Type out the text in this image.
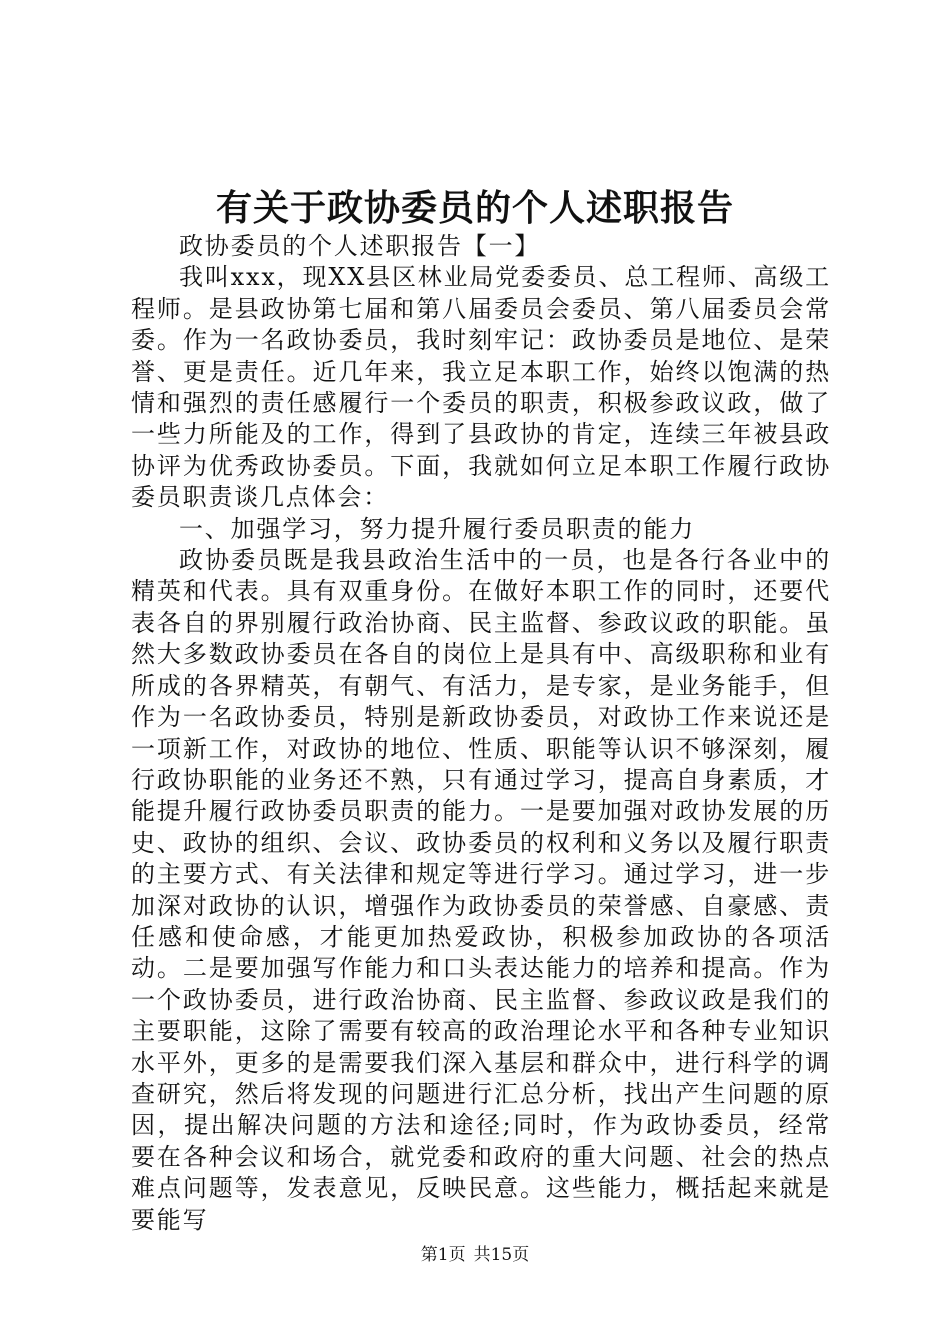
有关于政协委员的个人述职报告

政协委员的个人述职报告【一】

我叫xxx，现XX县区林业局党委委员、总工程师、高级工程师。是县政协第七届和第八届委员会委员、第八届委员会常委。作为一名政协委员，我时刻牢记：政协委员是地位、是荣誉、更是责任。近几年来，我立足本职工作，始终以饱满的热情和强烈的责任感履行一个委员的职责，积极参政议政，做了一些力所能及的工作，得到了县政协的肯定，连续三年被县政协评为优秀政协委员。下面，我就如何立足本职工作履行政协委员职责谈几点体会：

一、加强学习，努力提升履行委员职责的能力

政协委员既是我县政治生活中的一员，也是各行各业中的精英和代表。具有双重身份。在做好本职工作的同时，还要代表各自的界别履行政治协商、民主监督、参政议政的职能。虽然大多数政协委员在各自的岗位上是具有中、高级职称和业有所成的各界精英，有朝气、有活力，是专家，是业务能手，但作为一名政协委员，特别是新政协委员，对政协工作来说还是一项新工作，对政协的地位、性质、职能等认识不够深刻，履行政协职能的业务还不熟，只有通过学习，提高自身素质，才能提升履行政协委员职责的能力。一是要加强对政协发展的历史、政协的组织、会议、政协委员的权利和义务以及履行职责的主要方式、有关法律和规定等进行学习。通过学习，进一步加深对政协的认识，增强作为政协委员的荣誉感、自豪感、责任感和使命感，才能更加热爱政协，积极参加政协的各项活动。二是要加强写作能力和口头表达能力的培养和提高。作为一个政协委员，进行政治协商、民主监督、参政议政是我们的主要职能，这除了需要有较高的政治理论水平和各种专业知识水平外，更多的是需要我们深入基层和群众中，进行科学的调查研究，然后将发现的问题进行汇总分析，找出产生问题的原因，提出解决问题的方法和途径;同时，作为政协委员，经常要在各种会议和场合，就党委和政府的重大问题、社会的热点难点问题等，发表意见，反映民意。这些能力，概括起来就是要能写

第1页 共15页
